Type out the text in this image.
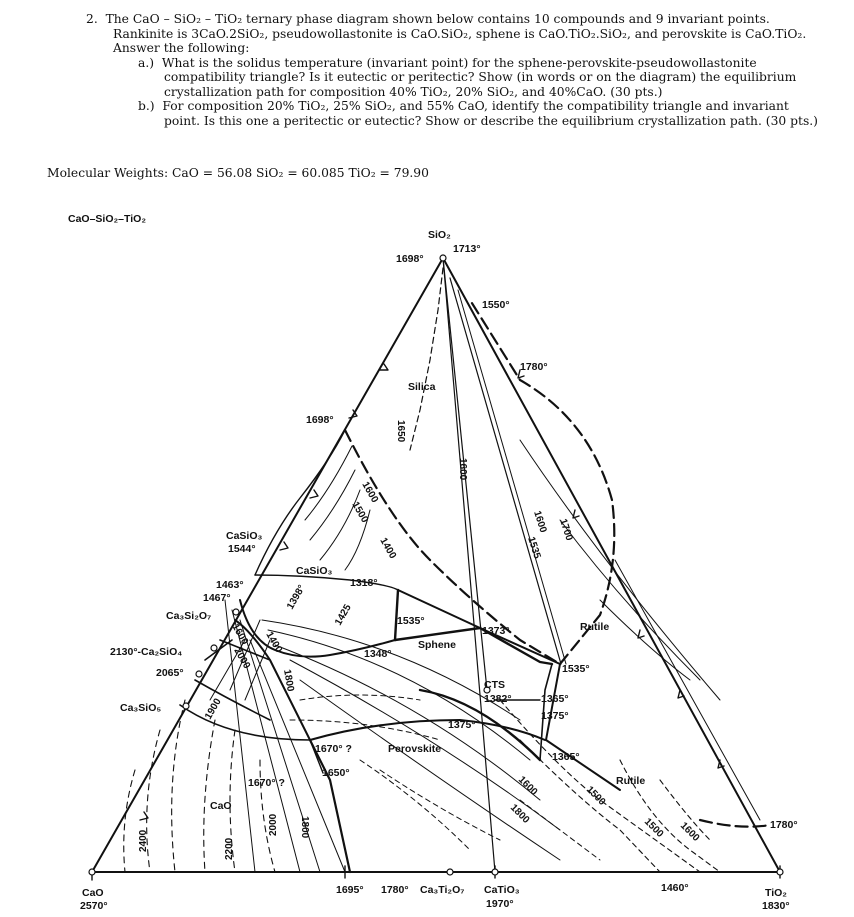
2. The CaO – SiO₂ – TiO₂ ternary phase diagram shown below contains 10 compounds and 9 invariant points.
Rankinite is 3CaO.2SiO₂, pseudowollastonite is CaO.SiO₂, sphene is CaO.TiO₂.SiO₂, and perovskite is CaO.TiO₂.
Answer the following:
a.) What is the solidus temperature (invariant point) for the sphene-perovskite-pseudowollastonite
compatibility triangle? Is it eutectic or peritectic? Show (in words or on the diagram) the equilibrium
crystallization path for composition 40% TiO₂, 20% SiO₂, and 40%CaO. (30 pts.)
b.) For composition 20% TiO₂, 25% SiO₂, and 55% CaO, identify the compatibility triangle and invariant
point. Is this one a peritectic or eutectic? Show or describe the equilibrium crystallization path. (30 pts.)
Molecular Weights: CaO = 56.08 SiO₂ = 60.085 TiO₂ = 79.90
CaO–SiO₂–TiO₂
SiO₂
1713°
1698°
CaO
2570°
TiO₂
1830°
CaSiO₃
1544°
1463°
1467°
Ca₃Si₂O₇
2130°-Ca₂SiO₄
2065°
Ca₃SiO₅
1695° 1780° Ca₃Ti₂O₇ CaTiO₃
1970°
1460°
1550°
1780°
1780°
Silica
CaSiO₃
Sphene
Perovskite
Rutile
Rutile
CaO
CTS
1698°
1318°
1535°
1348°
1373°
1535°
1382°	1365°
1375°
1375°
1365°
1670° ?
1650°
1670° ?
1650
1600
1600
1500
1400
1600
1535
1700
1398°
1425
1600 1400
2000
1800
1900
1600
1800
1500
1500 1600
2400	2200
2000 1800
